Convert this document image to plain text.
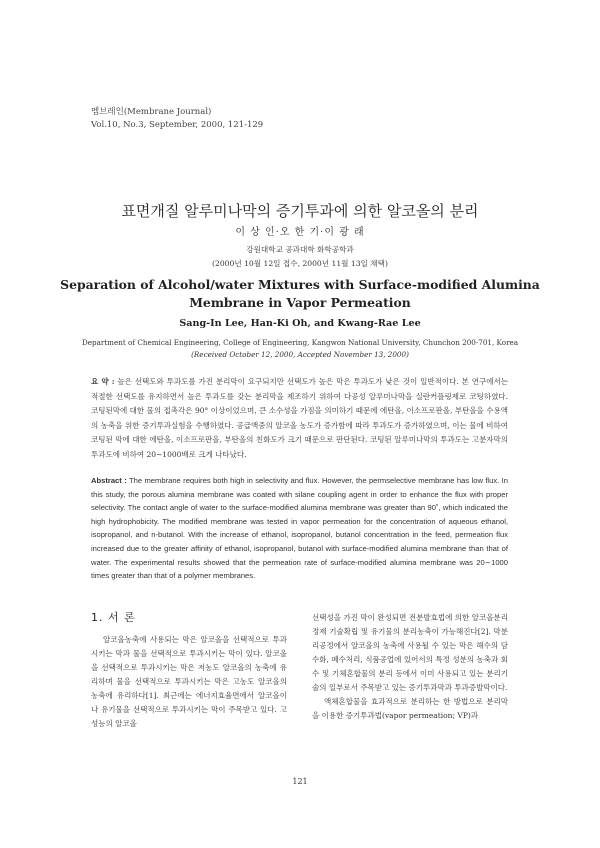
멤브레인(Membrane Journal)
Vol.10, No.3, September, 2000, 121-129
표면개질 알루미나막의 증기투과에 의한 알코올의 분리
이 상 인·오 한 기·이 광 래
강원대학교 공과대학 화학공학과
(2000년 10월 12일 접수, 2000년 11월 13일 채택)
Separation of Alcohol/water Mixtures with Surface-modified Alumina
Membrane in Vapor Permeation
Sang-In Lee, Han-Ki Oh, and Kwang-Rae Lee
Department of Chemical Engineering, College of Engineering, Kangwon National University, Chunchon 200-701, Korea
(Received October 12, 2000, Accepted November 13, 2000)
요 약 : 높은 선택도와 투과도를 가진 분리막이 요구되지만 선택도가 높은 막은 투과도가 낮은 것이 일반적이다. 본 연구에서는 적절한 선택도를 유지하면서 높은 투과도를 갖는 분리막을 제조하기 위하여 다공성 알루미나막을 실란커플링제로 코팅하였다. 코팅된막에 대한 물의 접촉각은 90° 이상이었으며, 큰 소수성을 가짐을 의미하기 때문에 에탄올, 이소프로판올, 부탄올을 수용액의 농축을 위한 증기투과실험을 수행하였다. 공급액중의 알코올 농도가 증가함에 따라 투과도가 증가하였으며, 이는 물에 비하여 코팅된 막에 대한 에탄올, 이소프로판올, 부탄올의 친화도가 크기 때문으로 판단된다. 코팅된 알루미나막의 투과도는 고분자막의 투과도에 비하여 20∼1000배로 크게 나타났다.
Abstract : The membrane requires both high in selectivity and flux. However, the permselective membrane has low flux. In this study, the porous alumina membrane was coated with silane coupling agent in order to enhance the flux with proper selectivity. The contact angle of water to the surface-modified alumina membrane was greater than 90˚, which indicated the high hydrophobicity. The modified membrane was tested in vapor permeation for the concentration of aqueous ethanol, isopropanol, and n-butanol. With the increase of ethanol, isopropanol, butanol concentration in the feed, permeation flux increased due to the greater affinity of ethanol, isopropanol, butanol with surface-modified alumina membrane than that of water. The experimental results showed that the permeation rate of surface-modified alumina membrane was 20∼1000 times greater than that of a polymer membranes.
1. 서 론

알코올농축에 사용되는 막은 알코올을 선택적으로 투과시키는 막과 물을 선택적으로 투과시키는 막이 있다. 알코올을 선택적으로 투과시키는 막은 저농도 알코올의 농축에 유리하며 물을 선택적으로 투과시키는 막은 고농도 알코올의 농축에 유리하다[1]. 최근에는 에너지효율면에서 알코올이나 유기물을 선택적으로 투과시키는 막이 주목받고 있다. 고성능의 알코올

선택성을 가진 막이 완성되면 전분발효법에 의한 알코올분리정제 기술확립 및 유기물의 분리농축이 가능해진다[2]. 막분리공정에서 알코올의 농축에 사용될 수 있는 막은 해수의 담수화, 폐수처리, 식품공업에 있어서의 특정 성분의 농축과 회수 및 기체혼합물의 분리 등에서 이미 사용되고 있는 분리기술의 일부로서 주목받고 있는 증기투과막과 투과증발막이다.

액체혼합물을 효과적으로 분리하는 한 방법으로 분리막을 이용한 증기투과법(vapor permeation; VP)과

121
